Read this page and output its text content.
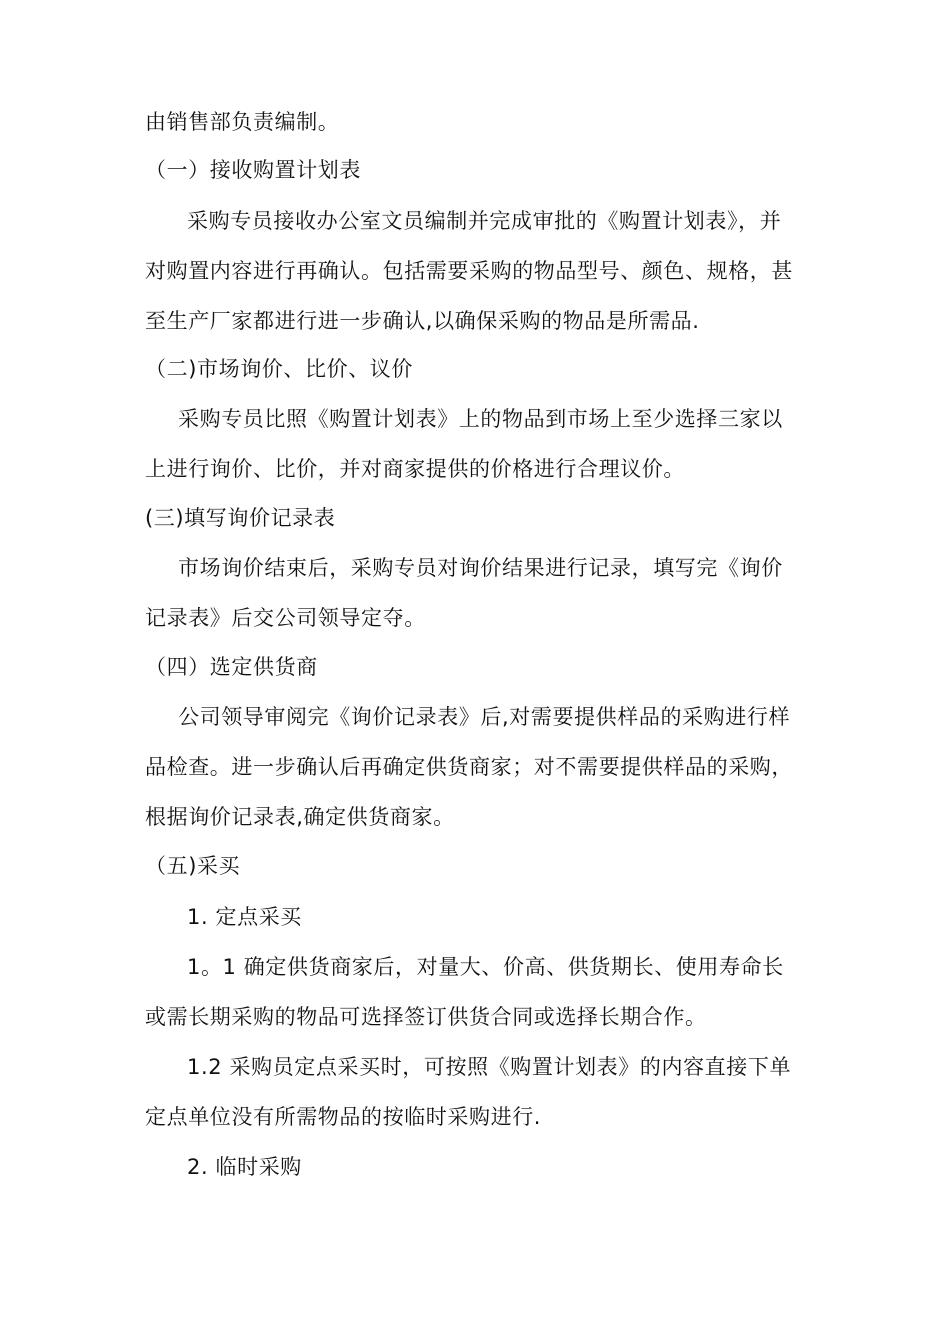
由销售部负责编制。
（一）接收购置计划表
采购专员接收办公室文员编制并完成审批的《购置计划表》，并
对购置内容进行再确认。包括需要采购的物品型号、颜色、规格，甚
至生产厂家都进行进一步确认,以确保采购的物品是所需品.
（二)市场询价、比价、议价
采购专员比照《购置计划表》上的物品到市场上至少选择三家以
上进行询价、比价，并对商家提供的价格进行合理议价。
(三)填写询价记录表
市场询价结束后，采购专员对询价结果进行记录，填写完《询价
记录表》后交公司领导定夺。
（四）选定供货商
公司领导审阅完《询价记录表》后,对需要提供样品的采购进行样
品检查。进一步确认后再确定供货商家；对不需要提供样品的采购，
根据询价记录表,确定供货商家。
（五)采买
1. 定点采买
1。1 确定供货商家后，对量大、价高、供货期长、使用寿命长
或需长期采购的物品可选择签订供货合同或选择长期合作。
1.2 采购员定点采买时，可按照《购置计划表》的内容直接下单
定点单位没有所需物品的按临时采购进行.
2. 临时采购
